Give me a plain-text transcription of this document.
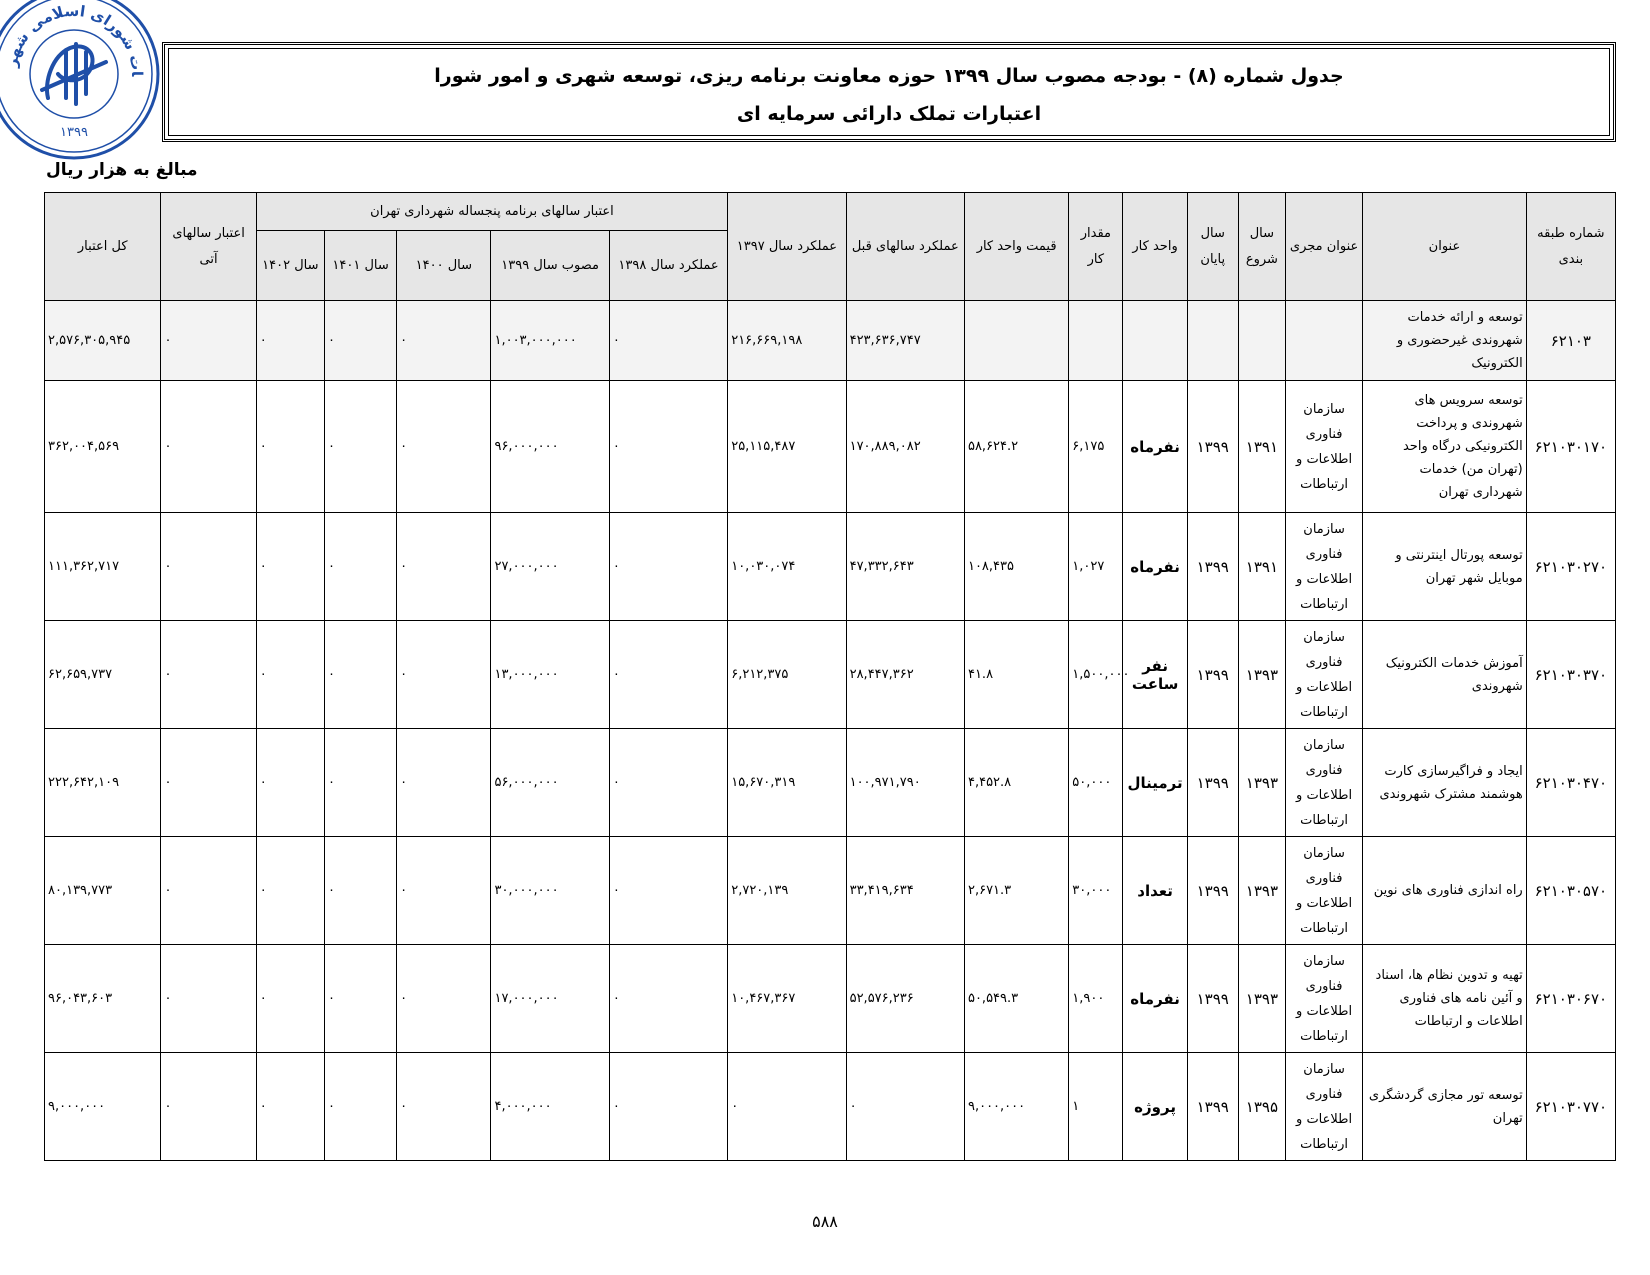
ات شورای اسلامی شهر
۱۳۹۹
جدول شماره (۸) - بودجه مصوب سال ۱۳۹۹ حوزه معاونت برنامه ریزی، توسعه شهری و امور شورا
اعتبارات تملک دارائی سرمایه ای
مبالغ به هزار ریال
شماره طبقه بندی	عنوان	عنوان مجری	سال شروع	سال پایان	واحد کار	مقدار کار	قیمت واحد کار	عملکرد سالهای قبل	عملکرد سال ۱۳۹۷	اعتبار سالهای برنامه پنجساله شهرداری تهران					اعتبار سالهای آتی	کل اعتبار
										عملکرد سال ۱۳۹۸	مصوب سال ۱۳۹۹	سال ۱۴۰۰	سال ۱۴۰۱	سال ۱۴۰۲		
۶۲۱۰۳	توسعه و ارائه خدمات شهروندی غیرحضوری و الکترونیک							۴۲۳,۶۳۶,۷۴۷	۲۱۶,۶۶۹,۱۹۸	۰	۱,۰۰۳,۰۰۰,۰۰۰	۰	۰	۰	۰	۲,۵۷۶,۳۰۵,۹۴۵
۶۲۱۰۳۰۱۷۰	توسعه سرویس های شهروندی و پرداخت الکترونیکی درگاه واحد (تهران من) خدمات شهرداری تهران	سازمان فناوری اطلاعات و ارتباطات	۱۳۹۱	۱۳۹۹	نفرماه	۶,۱۷۵	۵۸,۶۲۴.۲	۱۷۰,۸۸۹,۰۸۲	۲۵,۱۱۵,۴۸۷	۰	۹۶,۰۰۰,۰۰۰	۰	۰	۰	۰	۳۶۲,۰۰۴,۵۶۹
۶۲۱۰۳۰۲۷۰	توسعه پورتال اینترنتی و موبایل شهر تهران	سازمان فناوری اطلاعات و ارتباطات	۱۳۹۱	۱۳۹۹	نفرماه	۱,۰۲۷	۱۰۸,۴۳۵	۴۷,۳۳۲,۶۴۳	۱۰,۰۳۰,۰۷۴	۰	۲۷,۰۰۰,۰۰۰	۰	۰	۰	۰	۱۱۱,۳۶۲,۷۱۷
۶۲۱۰۳۰۳۷۰	آموزش خدمات الکترونیک شهروندی	سازمان فناوری اطلاعات و ارتباطات	۱۳۹۳	۱۳۹۹	نفر ساعت	۱,۵۰۰,۰۰۰	۴۱.۸	۲۸,۴۴۷,۳۶۲	۶,۲۱۲,۳۷۵	۰	۱۳,۰۰۰,۰۰۰	۰	۰	۰	۰	۶۲,۶۵۹,۷۳۷
۶۲۱۰۳۰۴۷۰	ایجاد و فراگیرسازی کارت هوشمند مشترک شهروندی	سازمان فناوری اطلاعات و ارتباطات	۱۳۹۳	۱۳۹۹	ترمینال	۵۰,۰۰۰	۴,۴۵۲.۸	۱۰۰,۹۷۱,۷۹۰	۱۵,۶۷۰,۳۱۹	۰	۵۶,۰۰۰,۰۰۰	۰	۰	۰	۰	۲۲۲,۶۴۲,۱۰۹
۶۲۱۰۳۰۵۷۰	راه اندازی فناوری های نوین	سازمان فناوری اطلاعات و ارتباطات	۱۳۹۳	۱۳۹۹	تعداد	۳۰,۰۰۰	۲,۶۷۱.۳	۳۳,۴۱۹,۶۳۴	۲,۷۲۰,۱۳۹	۰	۳۰,۰۰۰,۰۰۰	۰	۰	۰	۰	۸۰,۱۳۹,۷۷۳
۶۲۱۰۳۰۶۷۰	تهیه و تدوین نظام ها، اسناد و آئین نامه های فناوری اطلاعات و ارتباطات	سازمان فناوری اطلاعات و ارتباطات	۱۳۹۳	۱۳۹۹	نفرماه	۱,۹۰۰	۵۰,۵۴۹.۳	۵۲,۵۷۶,۲۳۶	۱۰,۴۶۷,۳۶۷	۰	۱۷,۰۰۰,۰۰۰	۰	۰	۰	۰	۹۶,۰۴۳,۶۰۳
۶۲۱۰۳۰۷۷۰	توسعه تور مجازی گردشگری تهران	سازمان فناوری اطلاعات و ارتباطات	۱۳۹۵	۱۳۹۹	پروژه	۱	۹,۰۰۰,۰۰۰	۰	۰	۰	۴,۰۰۰,۰۰۰	۰	۰	۰	۰	۹,۰۰۰,۰۰۰
۵۸۸
